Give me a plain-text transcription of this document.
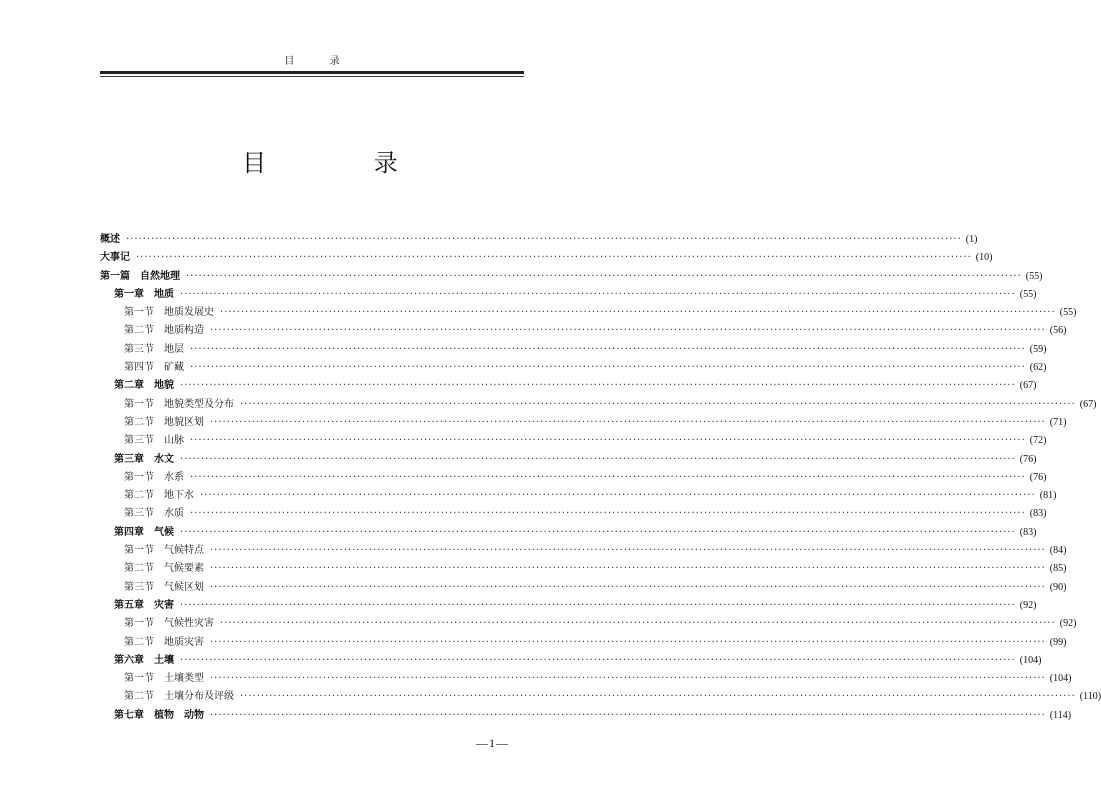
目 录
目 录
概述 ········································································································································································································ (1)
大事记 ········································································································································································································ (10)
第一篇　自然地理 ········································································································································································································ (55)
第一章　地质 ········································································································································································································ (55)
第一节　地质发展史 ········································································································································································································ (55)
第二节　地质构造 ········································································································································································································ (56)
第三节　地层 ········································································································································································································ (59)
第四节　矿藏 ········································································································································································································ (62)
第二章　地貌 ········································································································································································································ (67)
第一节　地貌类型及分布 ········································································································································································································ (67)
第二节　地貌区划 ········································································································································································································ (71)
第三节　山脉 ········································································································································································································ (72)
第三章　水文 ········································································································································································································ (76)
第一节　水系 ········································································································································································································ (76)
第二节　地下水 ········································································································································································································ (81)
第三节　水质 ········································································································································································································ (83)
第四章　气候 ········································································································································································································ (83)
第一节　气候特点 ········································································································································································································ (84)
第二节　气候要素 ········································································································································································································ (85)
第三节　气候区划 ········································································································································································································ (90)
第五章　灾害 ········································································································································································································ (92)
第一节　气候性灾害 ········································································································································································································ (92)
第二节　地质灾害 ········································································································································································································ (99)
第六章　土壤 ········································································································································································································ (104)
第一节　土壤类型 ········································································································································································································ (104)
第二节　土壤分布及评级 ········································································································································································································ (110)
第七章　植物　动物 ········································································································································································································ (114)
—1—
